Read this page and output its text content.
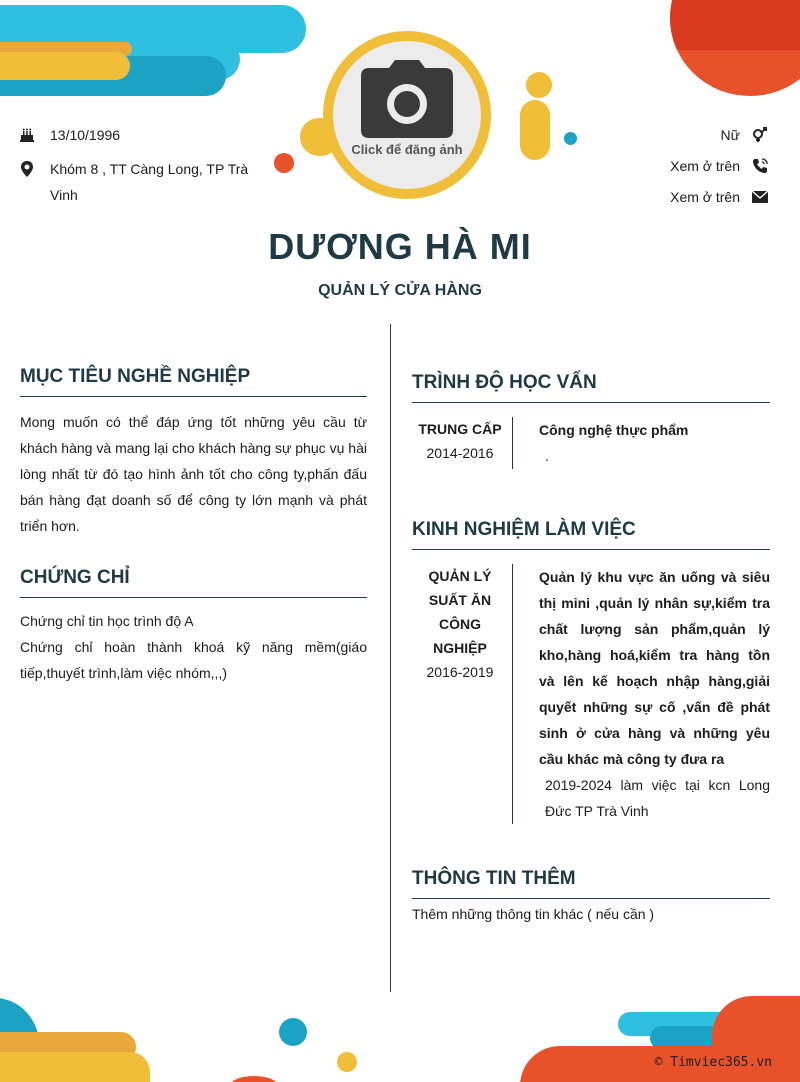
Click để đăng ảnh
13/10/1996
Khóm 8 , TT Càng Long, TP Trà Vinh
Nữ
Xem ở trên
Xem ở trên
DƯƠNG HÀ MI
QUẢN LÝ CỬA HÀNG
MỤC TIÊU NGHỀ NGHIỆP
Mong muốn có thể đáp ứng tốt những yêu cầu từ khách hàng và mang lại cho khách hàng sự phục vụ hài lòng nhất từ đó tạo hình ảnh tốt cho công ty,phấn đấu bán hàng đạt doanh số để công ty lớn mạnh và phát triển hơn.
CHỨNG CHỈ
Chứng chỉ tin học trình độ A
Chứng chỉ hoàn thành khoá kỹ năng mềm(giáo tiếp,thuyết trình,làm việc nhóm,,,)
TRÌNH ĐỘ HỌC VẤN
TRUNG CẤP
2014-2016
Công nghệ thực phẩm
.
KINH NGHIỆM LÀM VIỆC
QUẢN LÝ SUẤT ĂN CÔNG NGHIỆP
2016-2019
Quản lý khu vực ăn uống và siêu thị mini ,quản lý nhân sự,kiểm tra chất lượng sản phẩm,quản lý kho,hàng hoá,kiểm tra hàng tồn và lên kế hoạch nhập hàng,giải quyết những sự cố ,vấn đề phát sinh ở cửa hàng và những yêu cầu khác mà công ty đưa ra
2019-2024 làm việc tại kcn Long Đức TP Trà Vinh
THÔNG TIN THÊM
Thêm những thông tin khác ( nếu cần )
© Timviec365.vn
